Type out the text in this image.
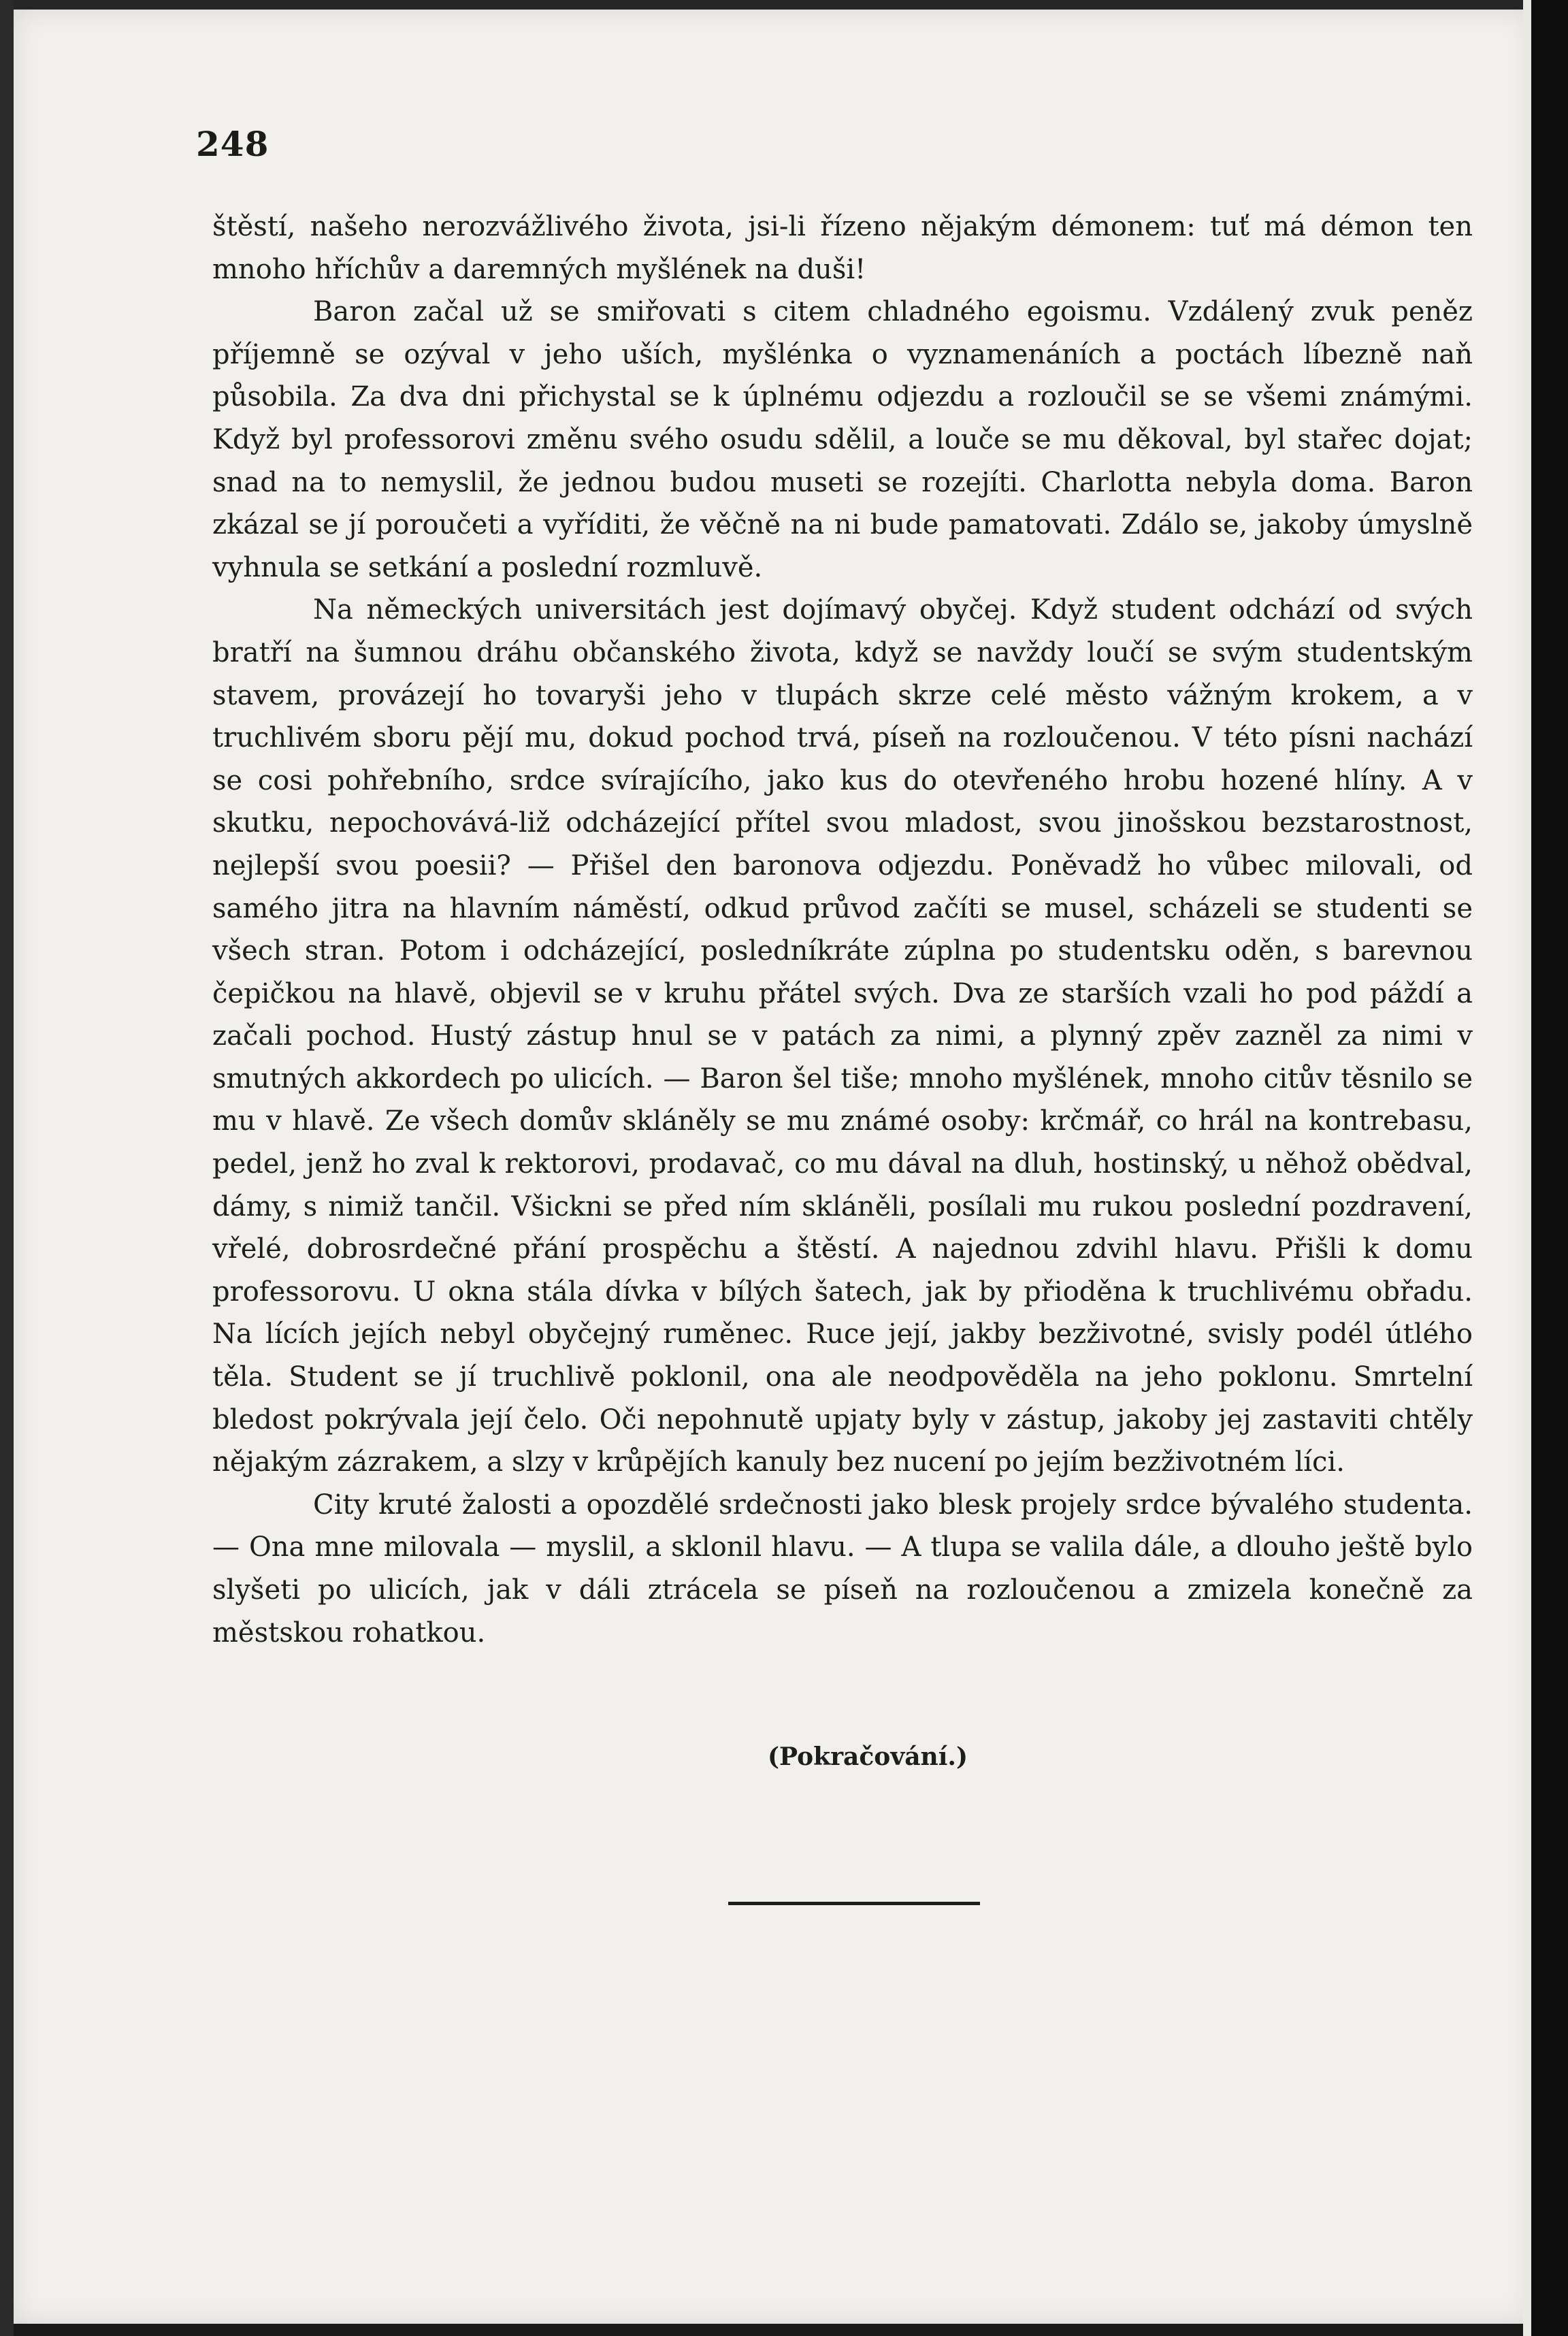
248

štěstí, našeho nerozvážlivého života, jsi-li řízeno nějakým démonem: tuť má démon ten mnoho hříchův a daremných myšlének na duši!

Baron začal už se smiřovati s citem chladného egoismu. Vzdálený zvuk peněz příjemně se ozýval v jeho uších, myšlénka o vyznamenáních a poctách líbezně naň působila. Za dva dni přichystal se k úplnému odjezdu a rozloučil se se všemi známými. Když byl professorovi změnu svého osudu sdělil, a louče se mu děkoval, byl stařec dojat; snad na to nemyslil, že jednou budou museti se rozejíti. Charlotta nebyla doma. Baron zkázal se jí poroučeti a vyříditi, že věčně na ni bude pamatovati. Zdálo se, jakoby úmyslně vyhnula se setkání a poslední rozmluvě.

Na německých universitách jest dojímavý obyčej. Když student odchází od svých bratří na šumnou dráhu občanského života, když se navždy loučí se svým studentským stavem, provázejí ho tovaryši jeho v tlupách skrze celé město vážným krokem, a v truchlivém sboru pějí mu, dokud pochod trvá, píseň na rozloučenou. V této písni nachází se cosi pohřebního, srdce svírajícího, jako kus do otevřeného hrobu hozené hlíny. A v skutku, nepochovává-liž odcházející přítel svou mladost, svou jinošskou bezstarostnost, nejlepší svou poesii? — Přišel den baronova odjezdu. Poněvadž ho vůbec milovali, od samého jitra na hlavním náměstí, odkud průvod začíti se musel, scházeli se studenti se všech stran. Potom i odcházející, posledníkráte zúplna po studentsku oděn, s barevnou čepičkou na hlavě, objevil se v kruhu přátel svých. Dva ze starších vzali ho pod páždí a začali pochod. Hustý zástup hnul se v patách za nimi, a plynný zpěv zazněl za nimi v smutných akkordech po ulicích. — Baron šel tiše; mnoho myšlének, mnoho citův těsnilo se mu v hlavě. Ze všech domův skláněly se mu známé osoby: krčmář, co hrál na kontrebasu, pedel, jenž ho zval k rektorovi, prodavač, co mu dával na dluh, hostinský, u něhož obědval, dámy, s nimiž tančil. Všickni se před ním skláněli, posílali mu rukou poslední pozdravení, vřelé, dobrosrdečné přání prospěchu a štěstí. A najednou zdvihl hlavu. Přišli k domu professorovu. U okna stála dívka v bílých šatech, jak by přioděna k truchlivému obřadu. Na lících jejích nebyl obyčejný ruměnec. Ruce její, jakby bezživotné, svisly podél útlého těla. Student se jí truchlivě poklonil, ona ale neodpověděla na jeho poklonu. Smrtelní bledost pokrývala její čelo. Oči nepohnutě upjaty byly v zástup, jakoby jej zastaviti chtěly nějakým zázrakem, a slzy v krůpějích kanuly bez nucení po jejím bezživotném líci.

City kruté žalosti a opozdělé srdečnosti jako blesk projely srdce bývalého studenta. — Ona mne milovala — myslil, a sklonil hlavu. — A tlupa se valila dále, a dlouho ještě bylo slyšeti po ulicích, jak v dáli ztrácela se píseň na rozloučenou a zmizela konečně za městskou rohatkou.

(Pokračování.)
